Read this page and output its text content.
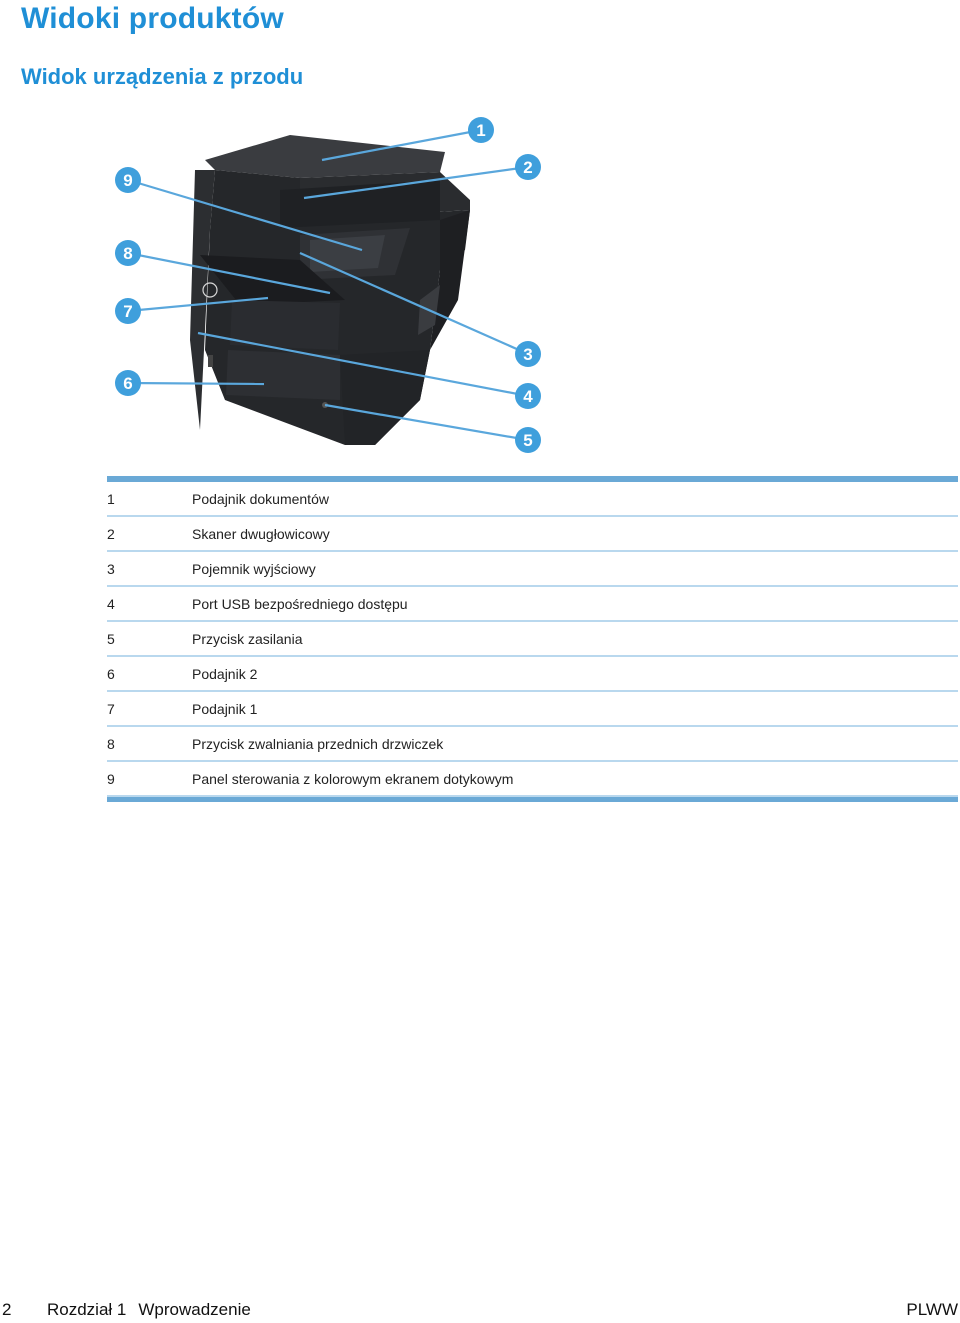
Widoki produktów
Widok urządzenia z przodu
1
2
3
4
5
6
7
8
9

1	Podajnik dokumentów
2	Skaner dwugłowicowy
3	Pojemnik wyjściowy
4	Port USB bezpośredniego dostępu
5	Przycisk zasilania
6	Podajnik 2
7	Podajnik 1
8	Przycisk zwalniania przednich drzwiczek
9	Panel sterowania z kolorowym ekranem dotykowym

2 Rozdział 1 Wprowadzenie	PLWW
